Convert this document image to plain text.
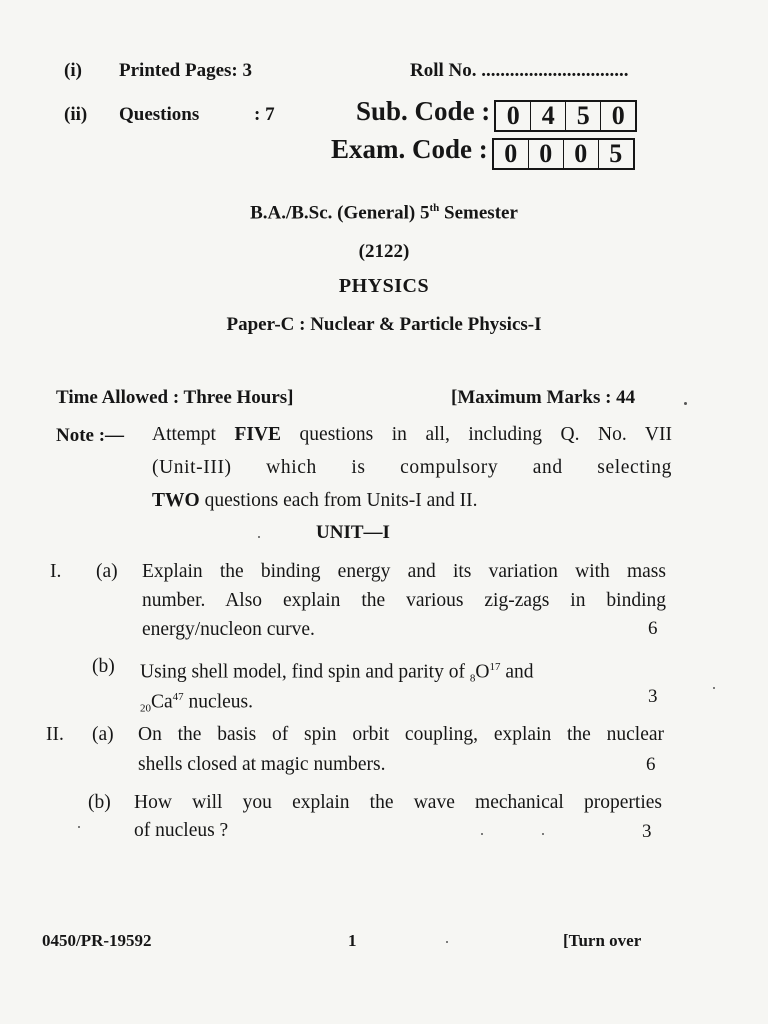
(i) Printed Pages: 3	Roll No. ...............................
(ii) Questions	: 7	Sub. Code : 0 4 5 0
Exam. Code : 0 0 0 5
B.A./B.Sc. (General) 5th Semester
(2122)
PHYSICS
Paper-C : Nuclear & Particle Physics-I
Time Allowed : Three Hours]	[Maximum Marks : 44
Note :— Attempt FIVE questions in all, including Q. No. VII
(Unit-III) which is compulsory and selecting
TWO questions each from Units-I and II.
UNIT—I
I. (a) Explain the binding energy and its variation with mass
number. Also explain the various zig-zags in binding
energy/nucleon curve.	6
(b) Using shell model, find spin and parity of $_8O^{17}$ and
$_{20}Ca^{47}$ nucleus.	3
II. (a) On the basis of spin orbit coupling, explain the nuclear
shells closed at magic numbers.	6
(b) How will you explain the wave mechanical properties
of nucleus ?	3
0450/PR-19592	1	[Turn over
